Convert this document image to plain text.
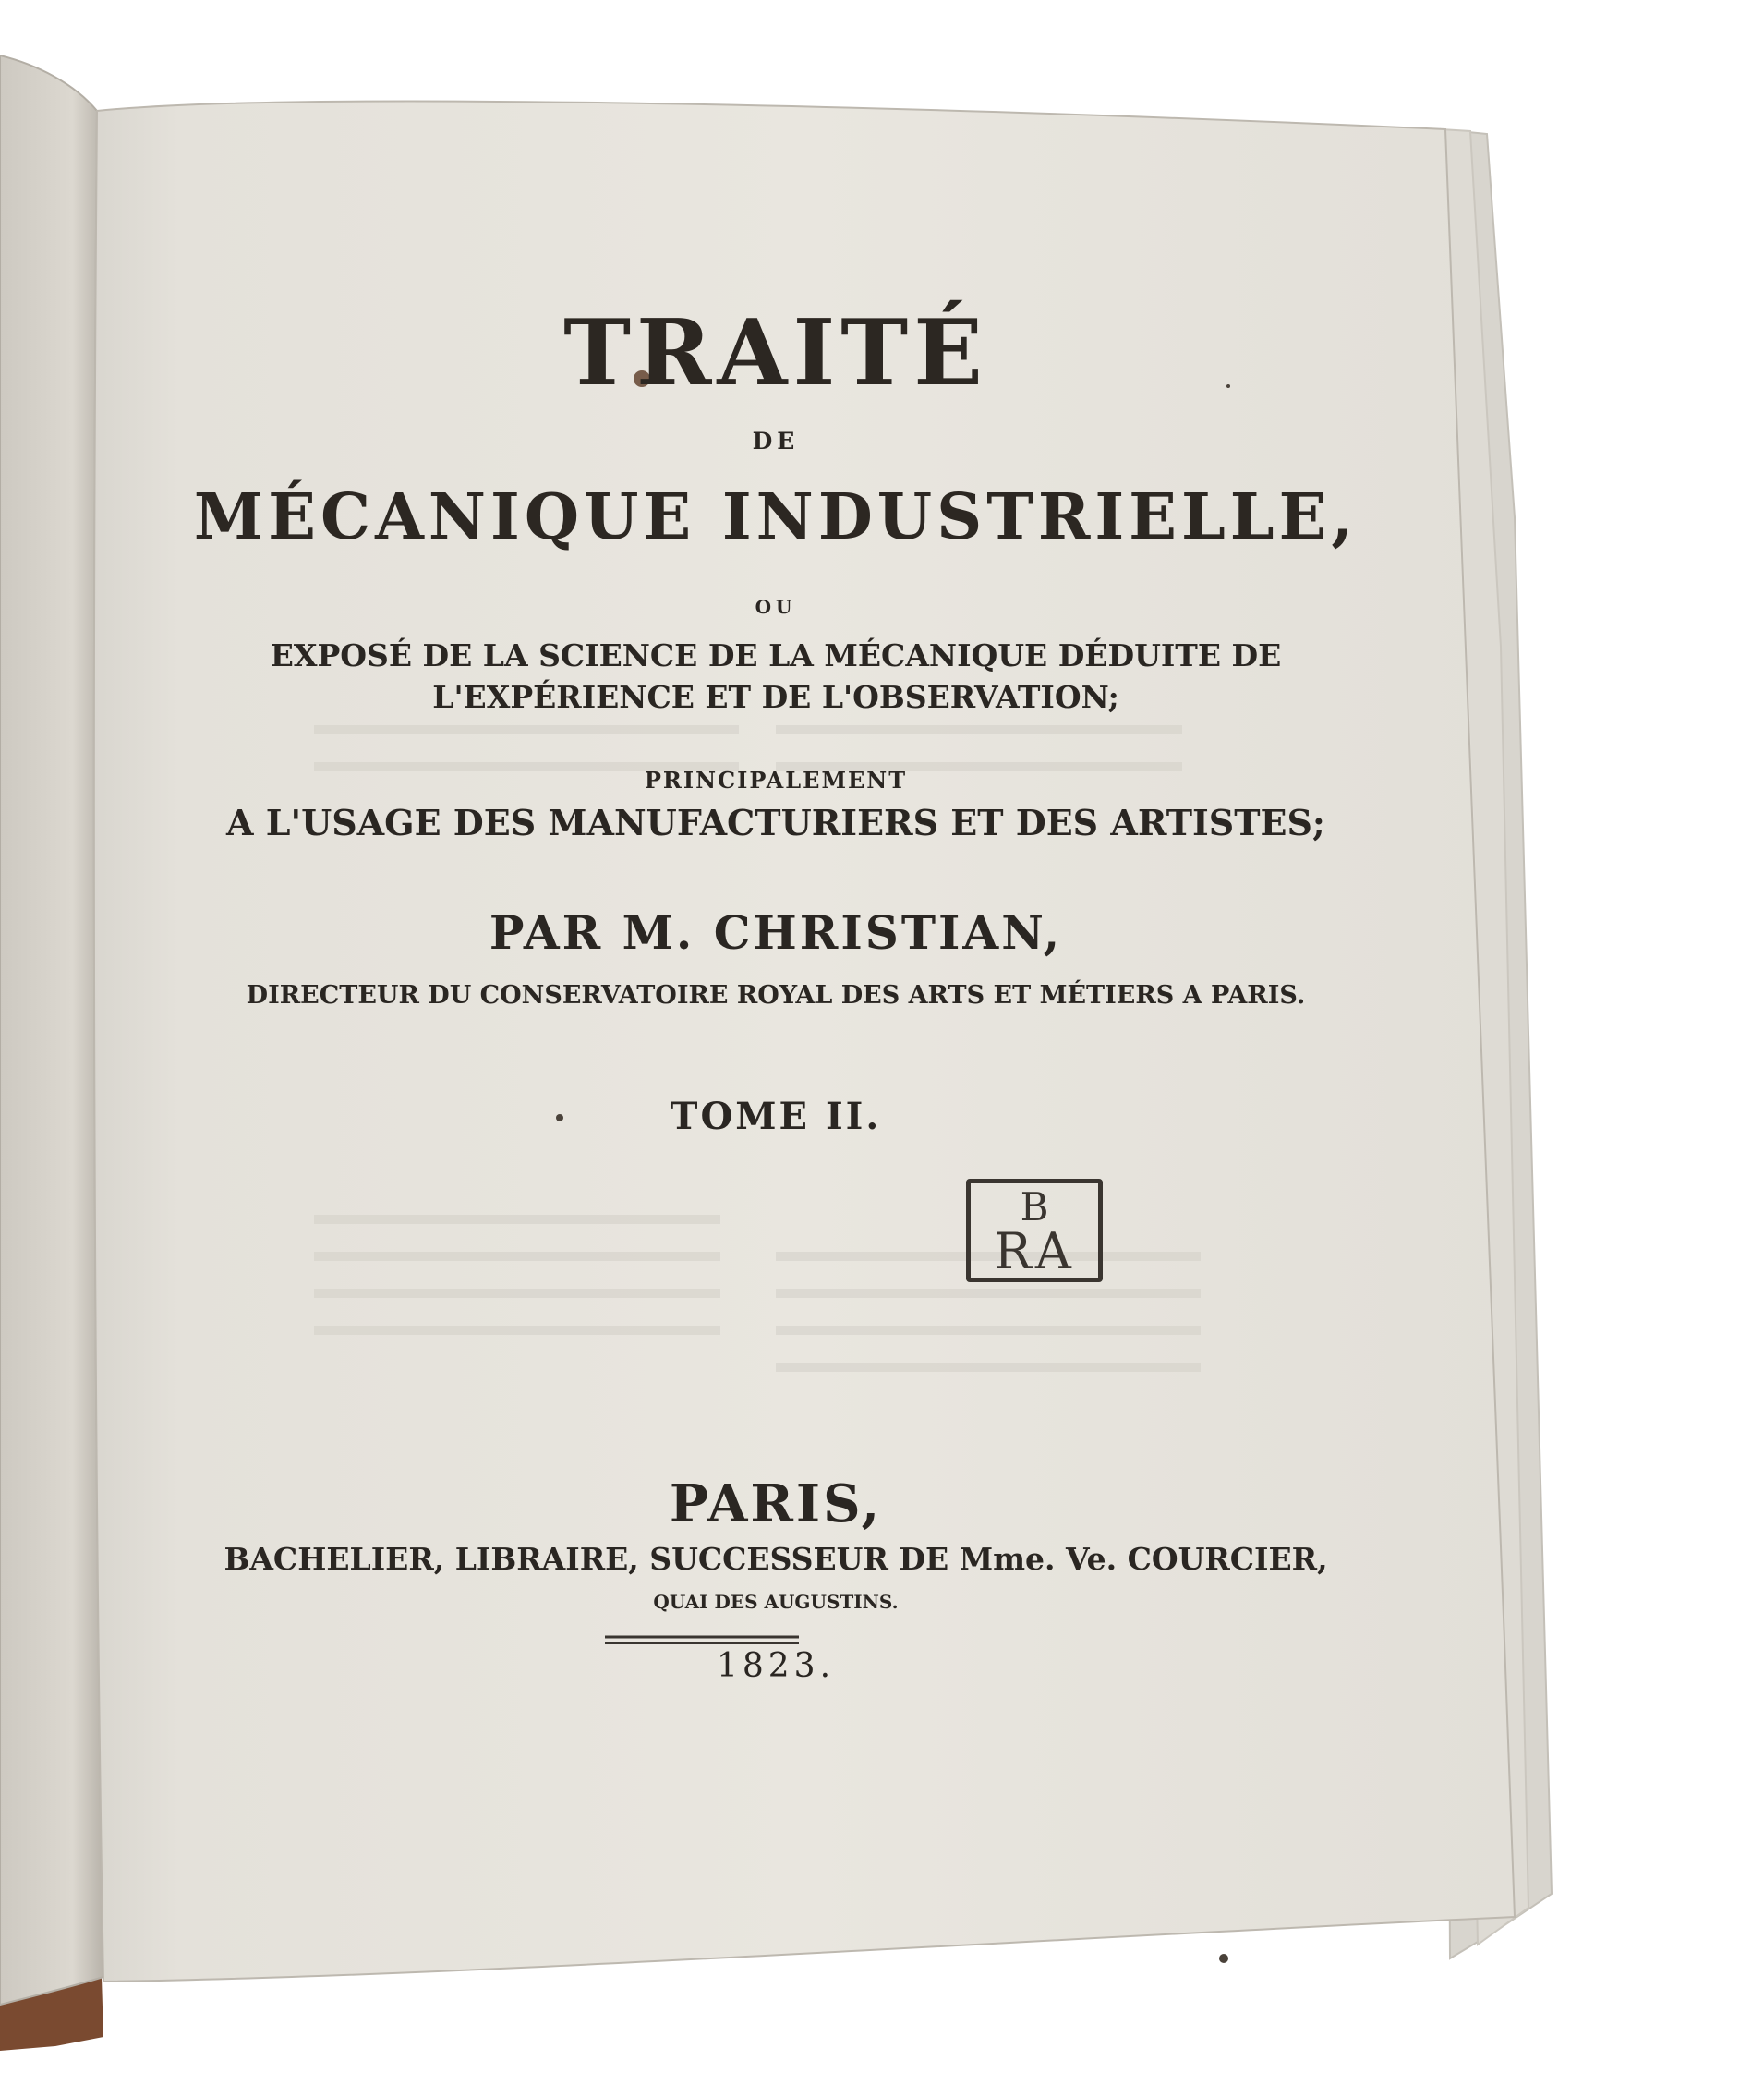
TRAITÉ
DE
MÉCANIQUE INDUSTRIELLE,
OU
EXPOSÉ DE LA SCIENCE DE LA MÉCANIQUE DÉDUITE DE
L'EXPÉRIENCE ET DE L'OBSERVATION;
PRINCIPALEMENT
A L'USAGE DES MANUFACTURIERS ET DES ARTISTES;
PAR M. CHRISTIAN,
DIRECTEUR DU CONSERVATOIRE ROYAL DES ARTS ET MÉTIERS A PARIS.
TOME II.
PARIS,
BACHELIER, LIBRAIRE, SUCCESSEUR DE Mme. Ve. COURCIER,
QUAI DES AUGUSTINS.
1823.
B
RA
